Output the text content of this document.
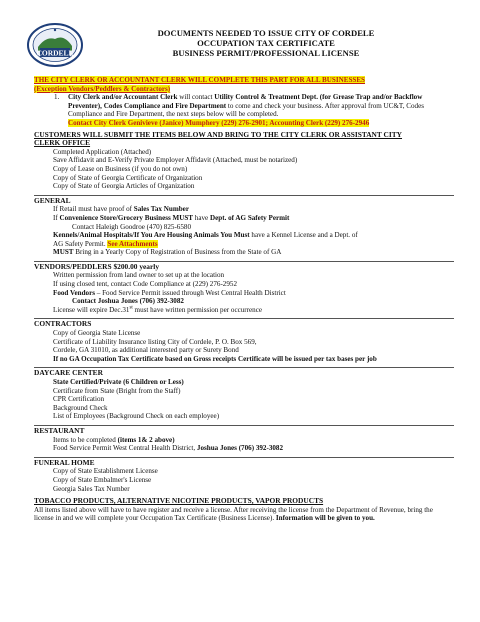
CORDELE
DOCUMENTS NEEDED TO ISSUE CITY OF CORDELE
OCCUPATION TAX CERTIFICATE
BUSINESS PERMIT/PROFESSIONAL LICENSE
THE CITY CLERK OR ACCOUNTANT CLERK WILL COMPLETE THIS PART FOR ALL BUSINESSES
(Exception Vendors/Peddlers & Contractors)
1.	City Clerk and/or Accountant Clerk will contact Utility Control & Treatment Dept. (for Grease Trap and/or Backflow Preventer), Codes Compliance and Fire Department to come and check your business. After approval from UC&T, Codes Compliance and Fire Department, the next steps below will be completed.
Contact City Clerk Genivieve (Janice) Mumphery (229) 276-2901; Accounting Clerk (229) 276-2946
CUSTOMERS WILL SUBMIT THE ITEMS BELOW AND BRING TO THE CITY CLERK OR ASSISTANT CITY
CLERK OFFICE
Completed Application (Attached)
Save Affidavit and E-Verify Private Employer Affidavit (Attached, must be notarized)
Copy of Lease on Business (if you do not own)
Copy of State of Georgia Certificate of Organization
Copy of State of Georgia Articles of Organization
GENERAL
If Retail must have proof of Sales Tax Number
If Convenience Store/Grocery Business MUST have Dept. of AG Safety Permit
Contact Haleigh Goodroe (470) 825-6580
Kennels/Animal Hospitals/If You Are Housing Animals You Must have a Kennel License and a Dept. of
AG Safety Permit. See Attachments
MUST Bring in a Yearly Copy of Registration of Business from the State of GA
VENDORS/PEDDLERS $200.00 yearly
Written permission from land owner to set up at the location
If using closed tent, contact Code Compliance at (229) 276-2952
Food Vendors – Food Service Permit issued through West Central Health District
Contact Joshua Jones (706) 392-3082
License will expire Dec.31st must have written permission per occurrence
CONTRACTORS
Copy of Georgia State License
Certificate of Liability Insurance listing City of Cordele, P. O. Box 569,
Cordele, GA 31010, as additional interested party or Surety Bond
If no GA Occupation Tax Certificate based on Gross receipts Certificate will be issued per tax bases per job
DAYCARE CENTER
State Certified/Private (6 Children or Less)
Certificate from State (Bright from the Staff)
CPR Certification
Background Check
List of Employees (Background Check on each employee)
RESTAURANT
Items to be completed (items 1& 2 above)
Food Service Permit West Central Health District, Joshua Jones (706) 392-3082
FUNERAL HOME
Copy of State Establishment License
Copy of State Embalmer's License
Georgia Sales Tax Number
TOBACCO PRODUCTS, ALTERNATIVE NICOTINE PRODUCTS, VAPOR PRODUCTS

All items listed above will have to have register and receive a license. After receiving the license from the Department of Revenue, bring the license in and we will complete your Occupation Tax Certificate (Business License). Information will be given to you.
